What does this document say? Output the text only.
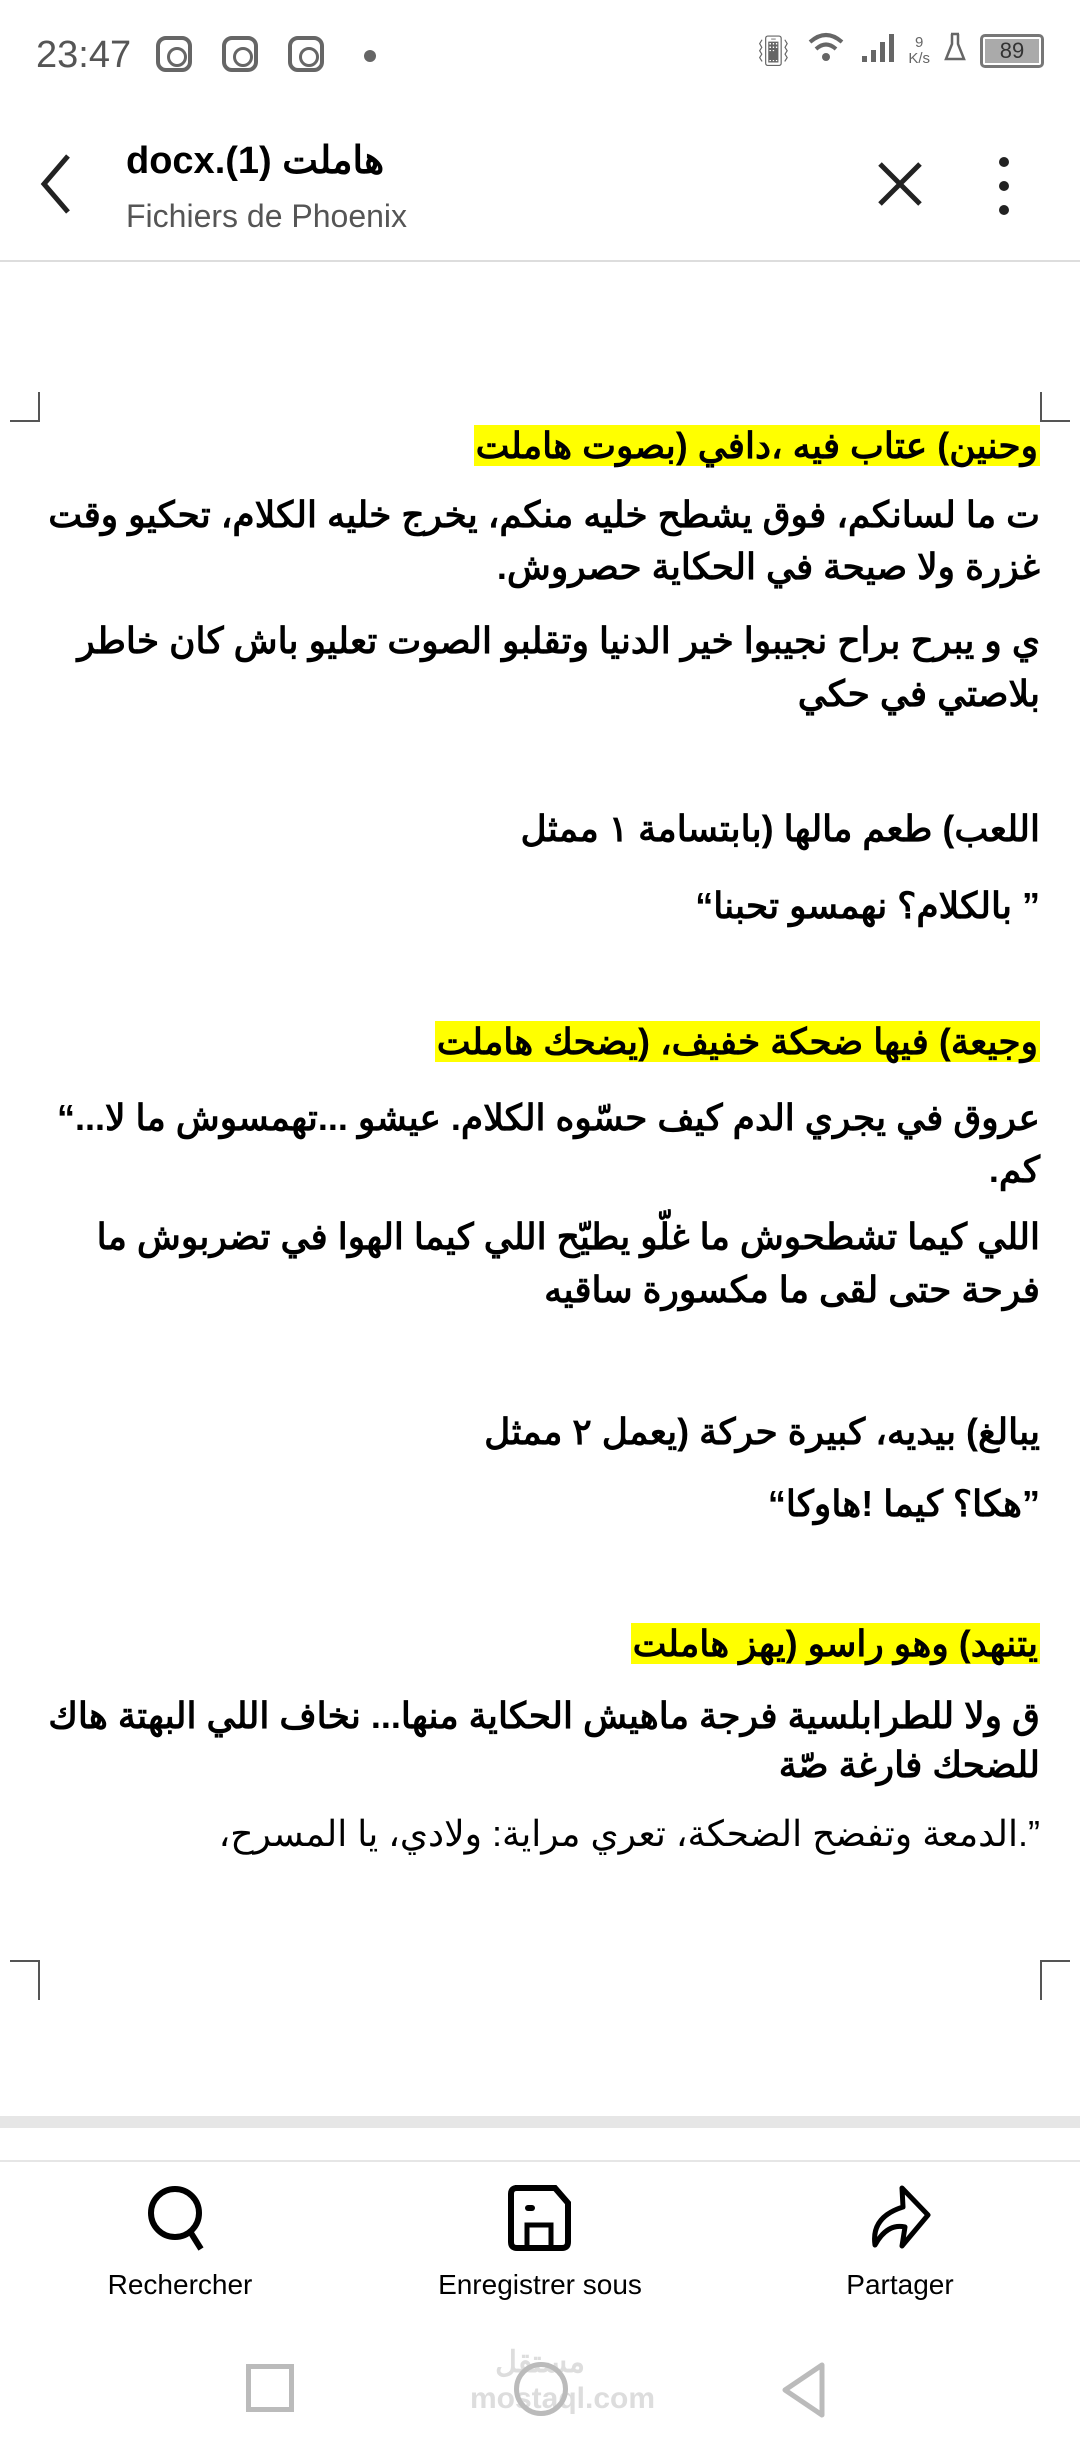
23:47	📳︎	9
K/s	89
docx.(1) هاملت
Fichiers de Phoenix
وحنين) عتاب فيه ،دافي (بصوت هاملت
ت ما لسانكم، فوق يشطح خليه منكم، يخرج خليه الكلام، تحكيو وقت
غزرة ولا صيحة في الحكاية حصروش.
ي و يبرح براح نجيبوا خير الدنيا وتقلبو الصوت تعليو باش كان خاطر
بلاصتي في حكي
اللعب) طعم مالها (بابتسامة ١ ممثل
” بالكلام؟ نهمسو تحبنا“
وجيعة) فيها ضحكة خفيف، (يضحك هاملت
عروق في يجري الدم كيف حسّوه الكلام. عيشو ...تهمسوش ما لا...“
كم.
اللي كيما تشطحوش ما غلّو يطيّح اللي كيما الهوا في تضربوش ما
فرحة حتى لقى ما مكسورة ساقيه
يبالغ) بيديه، كبيرة حركة (يعمل ٢ ممثل
”هكا؟ كيما !هاوكا“
يتنهد) وهو راسو (يهز هاملت
ق ولا للطرابلسية فرجة ماهيش الحكاية منها... نخاف اللي البهتة هاك
للضحك فارغة صّة
”.الدمعة وتفضح الضحكة، تعري مراية: ولادي، يا المسرح،
Rechercher	Enregistrer sous	Partager
مستقل mostaql.com
